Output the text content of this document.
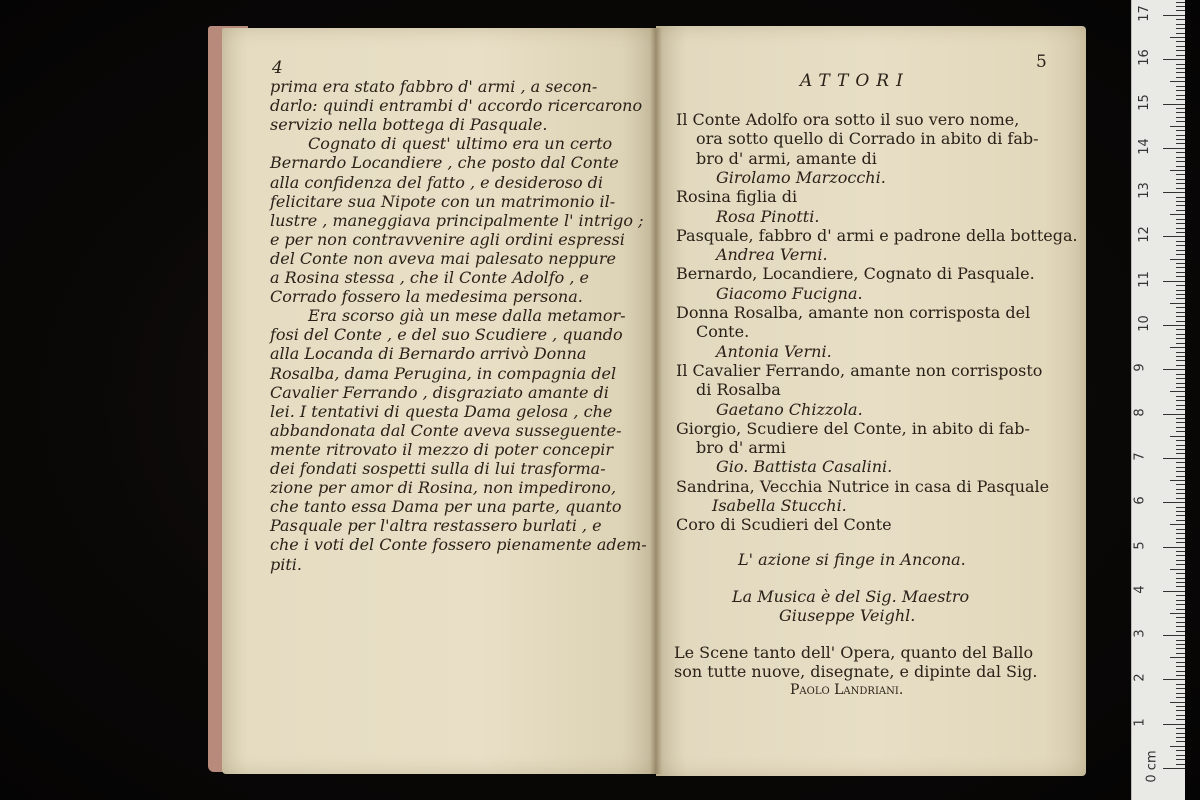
4
prima era stato fabbro d' armi , a secon-
darlo: quindi entrambi d' accordo ricercarono
servizio nella bottega di Pasquale.
Cognato di quest' ultimo era un certo
Bernardo Locandiere , che posto dal Conte
alla confidenza del fatto , e desideroso di
felicitare sua Nipote con un matrimonio il-
lustre , maneggiava principalmente l' intrigo ;
e per non contravvenire agli ordini espressi
del Conte non aveva mai palesato neppure
a Rosina stessa , che il Conte Adolfo , e
Corrado fossero la medesima persona.
Era scorso già un mese dalla metamor-
fosi del Conte , e del suo Scudiere , quando
alla Locanda di Bernardo arrivò Donna
Rosalba, dama Perugina, in compagnia del
Cavalier Ferrando , disgraziato amante di
lei. I tentativi di questa Dama gelosa , che
abbandonata dal Conte aveva susseguente-
mente ritrovato il mezzo di poter concepir
dei fondati sospetti sulla di lui trasforma-
zione per amor di Rosina, non impedirono,
che tanto essa Dama per una parte, quanto
Pasquale per l'altra restassero burlati , e
che i voti del Conte fossero pienamente adem-
piti.
5
ATTORI
Il Conte Adolfo ora sotto il suo vero nome,
ora sotto quello di Corrado in abito di fab-
bro d' armi, amante di
Girolamo Marzocchi.
Rosina figlia di
Rosa Pinotti.
Pasquale, fabbro d' armi e padrone della bottega.
Andrea Verni.
Bernardo, Locandiere, Cognato di Pasquale.
Giacomo Fucigna.
Donna Rosalba, amante non corrisposta del
Conte.
Antonia Verni.
Il Cavalier Ferrando, amante non corrisposto
di Rosalba
Gaetano Chizzola.
Giorgio, Scudiere del Conte, in abito di fab-
bro d' armi
Gio. Battista Casalini.
Sandrina, Vecchia Nutrice in casa di Pasquale
Isabella Stucchi.
Coro di Scudieri del Conte
L' azione si finge in Ancona.
La Musica è del Sig. Maestro
Giuseppe Veighl.
Le Scene tanto dell' Opera, quanto del Ballo
son tutte nuove, disegnate, e dipinte dal Sig.
Paolo Landriani.
0 cm
1
2
3
4
5
6
7
8
9
10
11
12
13
14
15
16
17
